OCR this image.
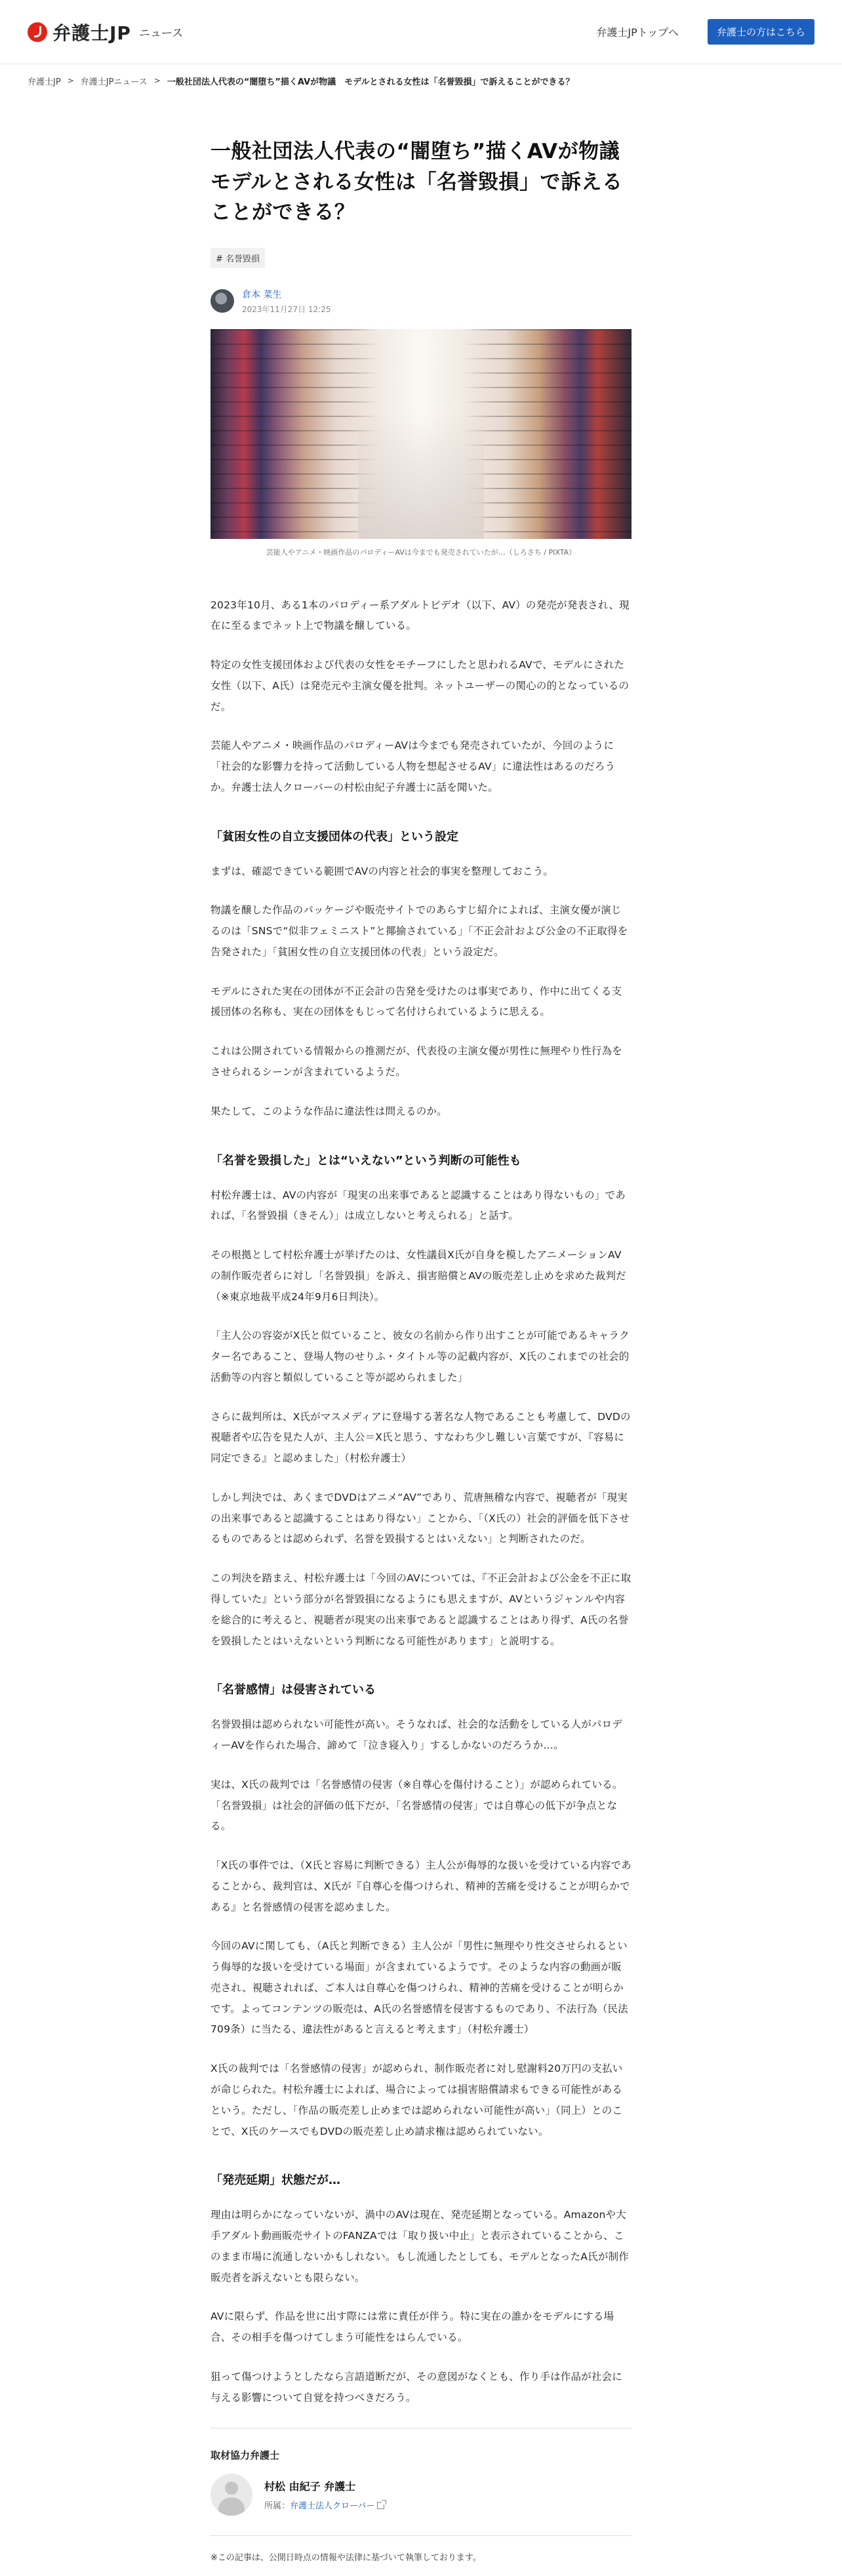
弁護士JP ニュース	弁護士JPトップへ	弁護士の方はこちら
弁護士JP > 弁護士JPニュース > 一般社団法人代表の“闇堕ち”描くAVが物議　モデルとされる女性は「名誉毀損」で訴えることができる？
一般社団法人代表の“闇堕ち”描くAVが物議 モデルとされる女性は「名誉毀損」で訴えることができる？
# 名誉毀損
倉本 菜生
2023年11月27日 12:25

芸能人やアニメ・映画作品のパロディーAVは今までも発売されていたが…（しろさち / PIXTA）

2023年10月、ある1本のパロディー系アダルトビデオ（以下、AV）の発売が発表され、現在に至るまでネット上で物議を醸している。

特定の女性支援団体および代表の女性をモチーフにしたと思われるAVで、モデルにされた女性（以下、A氏）は発売元や主演女優を批判。ネットユーザーの関心の的となっているのだ。

芸能人やアニメ・映画作品のパロディーAVは今までも発売されていたが、今回のように「社会的な影響力を持って活動している人物を想起させるAV」に違法性はあるのだろうか。弁護士法人クローバーの村松由紀子弁護士に話を聞いた。

「貧困女性の自立支援団体の代表」という設定

まずは、確認できている範囲でAVの内容と社会的事実を整理しておこう。

物議を醸した作品のパッケージや販売サイトでのあらすじ紹介によれば、主演女優が演じるのは「SNSで“似非フェミニスト”と揶揄されている」「不正会計および公金の不正取得を告発された」「貧困女性の自立支援団体の代表」という設定だ。

モデルにされた実在の団体が不正会計の告発を受けたのは事実であり、作中に出てくる支援団体の名称も、実在の団体をもじって名付けられているように思える。

これは公開されている情報からの推測だが、代表役の主演女優が男性に無理やり性行為をさせられるシーンが含まれているようだ。

果たして、このような作品に違法性は問えるのか。

「名誉を毀損した」とは“いえない”という判断の可能性も

村松弁護士は、AVの内容が「現実の出来事であると認識することはあり得ないもの」であれば、「名誉毀損（きそん）」は成立しないと考えられる」と話す。

その根拠として村松弁護士が挙げたのは、女性議員X氏が自身を模したアニメーションAVの制作販売者らに対し「名誉毀損」を訴え、損害賠償とAVの販売差し止めを求めた裁判だ（※東京地裁平成24年9月6日判決）。

「主人公の容姿がX氏と似ていること、彼女の名前から作り出すことが可能であるキャラクター名であること、登場人物のせりふ・タイトル等の記載内容が、X氏のこれまでの社会的活動等の内容と類似していること等が認められました」

さらに裁判所は、X氏がマスメディアに登場する著名な人物であることも考慮して、DVDの視聴者や広告を見た人が、主人公＝X氏と思う、すなわち少し難しい言葉ですが、『容易に同定できる』と認めました」（村松弁護士）

しかし判決では、あくまでDVDはアニメ“AV”であり、荒唐無稽な内容で、視聴者が「現実の出来事であると認識することはあり得ない」ことから、「（X氏の）社会的評価を低下させるものであるとは認められず、名誉を毀損するとはいえない」と判断されたのだ。

この判決を踏まえ、村松弁護士は「今回のAVについては、『不正会計および公金を不正に取得していた』という部分が名誉毀損になるようにも思えますが、AVというジャンルや内容を総合的に考えると、視聴者が現実の出来事であると認識することはあり得ず、A氏の名誉を毀損したとはいえないという判断になる可能性があります」と説明する。

「名誉感情」は侵害されている

名誉毀損は認められない可能性が高い。そうなれば、社会的な活動をしている人がパロディーAVを作られた場合、諦めて「泣き寝入り」するしかないのだろうか…。

実は、X氏の裁判では「名誉感情の侵害（※自尊心を傷付けること）」が認められている。「名誉毀損」は社会的評価の低下だが、「名誉感情の侵害」では自尊心の低下が争点となる。

「X氏の事件では、（X氏と容易に判断できる）主人公が侮辱的な扱いを受けている内容であることから、裁判官は、X氏が『自尊心を傷つけられ、精神的苦痛を受けることが明らかである』と名誉感情の侵害を認めました。

今回のAVに関しても、（A氏と判断できる）主人公が「男性に無理やり性交させられるという侮辱的な扱いを受けている場面」が含まれているようです。そのような内容の動画が販売され、視聴されれば、ご本人は自尊心を傷つけられ、精神的苦痛を受けることが明らかです。よってコンテンツの販売は、A氏の名誉感情を侵害するものであり、不法行為（民法709条）に当たる、違法性があると言えると考えます」（村松弁護士）

X氏の裁判では「名誉感情の侵害」が認められ、制作販売者に対し慰謝料20万円の支払いが命じられた。村松弁護士によれば、場合によっては損害賠償請求もできる可能性があるという。ただし、「作品の販売差し止めまでは認められない可能性が高い」（同上）とのことで、X氏のケースでもDVDの販売差し止め請求権は認められていない。

「発売延期」状態だが…

理由は明らかになっていないが、渦中のAVは現在、発売延期となっている。Amazonや大手アダルト動画販売サイトのFANZAでは「取り扱い中止」と表示されていることから、このまま市場に流通しないかもしれない。もし流通したとしても、モデルとなったA氏が制作販売者を訴えないとも限らない。

AVに限らず、作品を世に出す際には常に責任が伴う。特に実在の誰かをモデルにする場合、その相手を傷つけてしまう可能性をはらんでいる。

狙って傷つけようとしたなら言語道断だが、その意図がなくとも、作り手は作品が社会に与える影響について自覚を持つべきだろう。

取材協力弁護士
村松 由紀子 弁護士
所属：弁護士法人クローバー

※この記事は、公開日時点の情報や法律に基づいて執筆しております。
